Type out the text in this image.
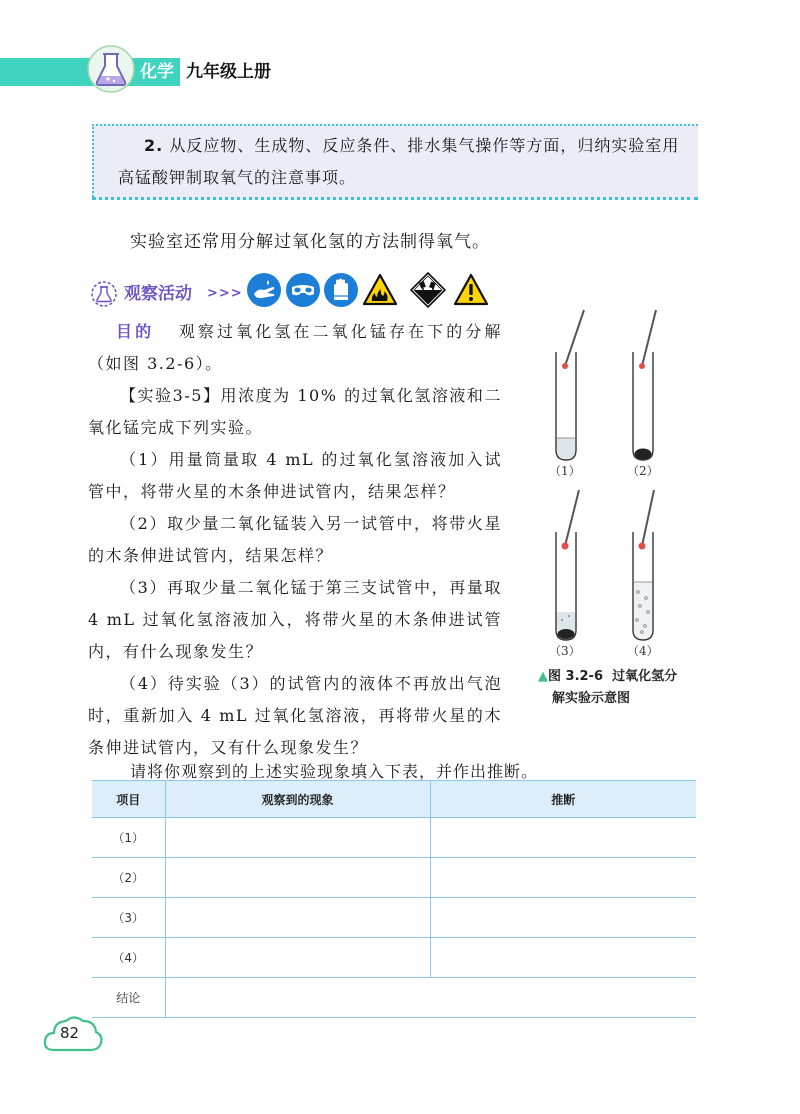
化学 九年级上册
2. 从反应物、生成物、反应条件、排水集气操作等方面，归纳实验室用高锰酸钾制取氧气的注意事项。
实验室还常用分解过氧化氢的方法制得氧气。
观察活动 >>>
目的 观察过氧化氢在二氧化锰存在下的分解（如图 3.2-6）。
【实验3-5】用浓度为 10% 的过氧化氢溶液和二氧化锰完成下列实验。
（1）用量筒量取 4 mL 的过氧化氢溶液加入试管中，将带火星的木条伸进试管内，结果怎样？
（2）取少量二氧化锰装入另一试管中，将带火星的木条伸进试管内，结果怎样？
（3）再取少量二氧化锰于第三支试管中，再量取 4 mL 过氧化氢溶液加入，将带火星的木条伸进试管内，有什么现象发生？
（4）待实验（3）的试管内的液体不再放出气泡时，重新加入 4 mL 过氧化氢溶液，再将带火星的木条伸进试管内，又有什么现象发生？
（1）	（2）
（3）	（4）
▲图 3.2-6 过氧化氢分
解实验示意图
请将你观察到的上述实验现象填入下表，并作出推断。
项目	观察到的现象	推断
（1）		
（2）		
（3）		
（4）		
结论		
82
